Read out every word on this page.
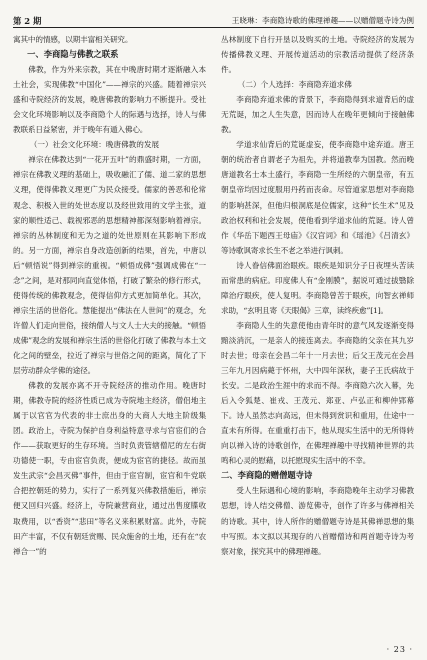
第 2 期	王晓琳：李商隐诗歌的佛理禅趣——以赠僧题寺诗为例

寓其中的情感，以期丰富相关研究。

一、李商隐与佛教之联系

佛教，作为外来宗教，其在中晚唐时期才逐渐融入本土社会，实现佛教“中国化”——禅宗的兴盛。随着禅宗兴盛和寺院经济的发展，晚唐佛教的影响力不断提升。受社会文化环境影响以及李商隐个人的际遇与选择，诗人与佛教联系日益紧密，并于晚年有遁入佛心。

（一）社会文化环境：晚唐佛教的发展

禅宗在佛教达到“一花开五叶”的鼎盛时期，一方面，禅宗在佛教义理的基础上，吸收融汇了儒、道二家的思想义理，使得佛教义理更广为民众接受。儒家的善恶和伦常观念、积极入世的处世态度以及经世致用的文学主张，道家的顺性适己、载视邪恶的思想精神都深刻影响着禅宗。禅宗的丛林制度和无为之道的处世原则在其影响下形成的。另一方面，禅宗自身改造创新的结果，首先，中唐以后“顿悟说”得到禅宗的重视。“顿悟成佛”强调成佛在“一念”之间，是对那同向直觉体悟，打破了繁杂的修行形式，使得传统的佛教观念，使得信仰方式更加简单化。其次，禅宗生活的世俗化。慧能提出“佛法在人世间”的观念，允许僧人们走向世俗，接纳僧人与文人士大夫的接触。“顿悟成佛”观念的发展和禅宗生活的世俗化打破了佛教与本土文化之间的壁垒，拉近了禅宗与世俗之间的距离，简化了下层劳动群众学佛的途径。

佛教的发展亦离不开寺院经济的推动作用。晚唐时期，佛教寺院的经济性质已成为寺院地主经济，僧侣地主属于以官官为代表的非士庶出身的大商人大地主阶级集团。政治上，寺院为保护自身利益特意寻求与官宦们的合作——获取更好的生存环境。当时负责管辖僧尼的左右街功德使一职，专由宦官负责，便成为宦官的捷径。故而虽发生武宗“会昌灭佛”事件，但由于宦官制，宦官和牛党联合把控朝廷的势力，实行了一系列复兴佛教措施后，禅宗便又回归兴盛。经济上，寺院兼营商业，通过出售度牒收取费用，以“香资”“悲田”等名义来积累财富。此外，寺院田产丰富，不仅有朝廷赏赐、民众施舍的土地，还有在“农禅合一”的

丛林制度下自行开垦以及购买的土地。寺院经济的发展为传播佛教义理、开展传道活动的宗教活动提供了经济条件。

（二）个人选择：李商隐弃道求佛

李商隐弃道求佛的背景下，李商隐得到求道背后的虚无荒诞，加之人生失意，因而诗人在晚年更倾向于接触佛教。

学道求仙背后的荒诞虚妄，使李商隐中途弃道。唐王朝的统治者自谓老子为祖先，并将道教奉为国教。然而晚唐道教名士本土盛行，李商隐一生所经的六朝皇帝，有五朝皇帝均因过度服用丹药而丧命。尽管道家思想对李商隐的影响甚深，但他归根洞底是位儒家，这种“长生术”见及政治权利和社会发展，使他看到学道求仙的荒诞。诗人曾作《华岳下题西王母庙》《汉宫词》和《瑶池》《吕清玄》等诗歌讽寄求长生不老之举进行讽刺。

诗人眷信佛面治眼疾。眼疾是知识分子日夜埋头苦读而常患的病症。印度佛人有“金刚膜”，据说可通过拔翳除障治疗眼疾，使人复明。李商隐曾苦于眼疾，向智玄禅师求助，“玄明且寄《天眼偈》三章，读终疾愈”[1]。

李商隐人生的失意使他由青年时的意气风发逐渐变得黯淡消沉，一是亲人的接连离去。李商隐的父亲在其九岁时去世；母亲在会昌二年十一月去世；后父王茂元在会昌三年九月因病薨于怀州，大中四年深秋，妻子王氏病故于长安。二是政治生涯中的求而不得。李商隐六次入幕，先后入令狐楚、崔戎、王茂元、郑亚、卢弘正和柳仲郢幕下。诗人虽然志向高远，但未得到赏识和重用，仕途中一直未有所得。在重重打击下，他从现实生活中的无所得转向以禅入诗的诗歌创作，在佛理禅趣中寻找精神世界的共鸣和心灵的慰藉，以托慰现实生活中的不幸。

二、李商隐的赠僧题寺诗

受人生际遇和心境的影响，李商隐晚年主动学习佛教思想，诗人结交佛僧、游览佛寺，创作了许多与佛禅相关的诗歌。其中，诗人所作的赠僧题寺诗是其佛禅思想的集中写照。本文拟以其现存的八首赠僧诗和两首题寺诗为考察对象，探究其中的佛理禅趣。

· 23 ·
